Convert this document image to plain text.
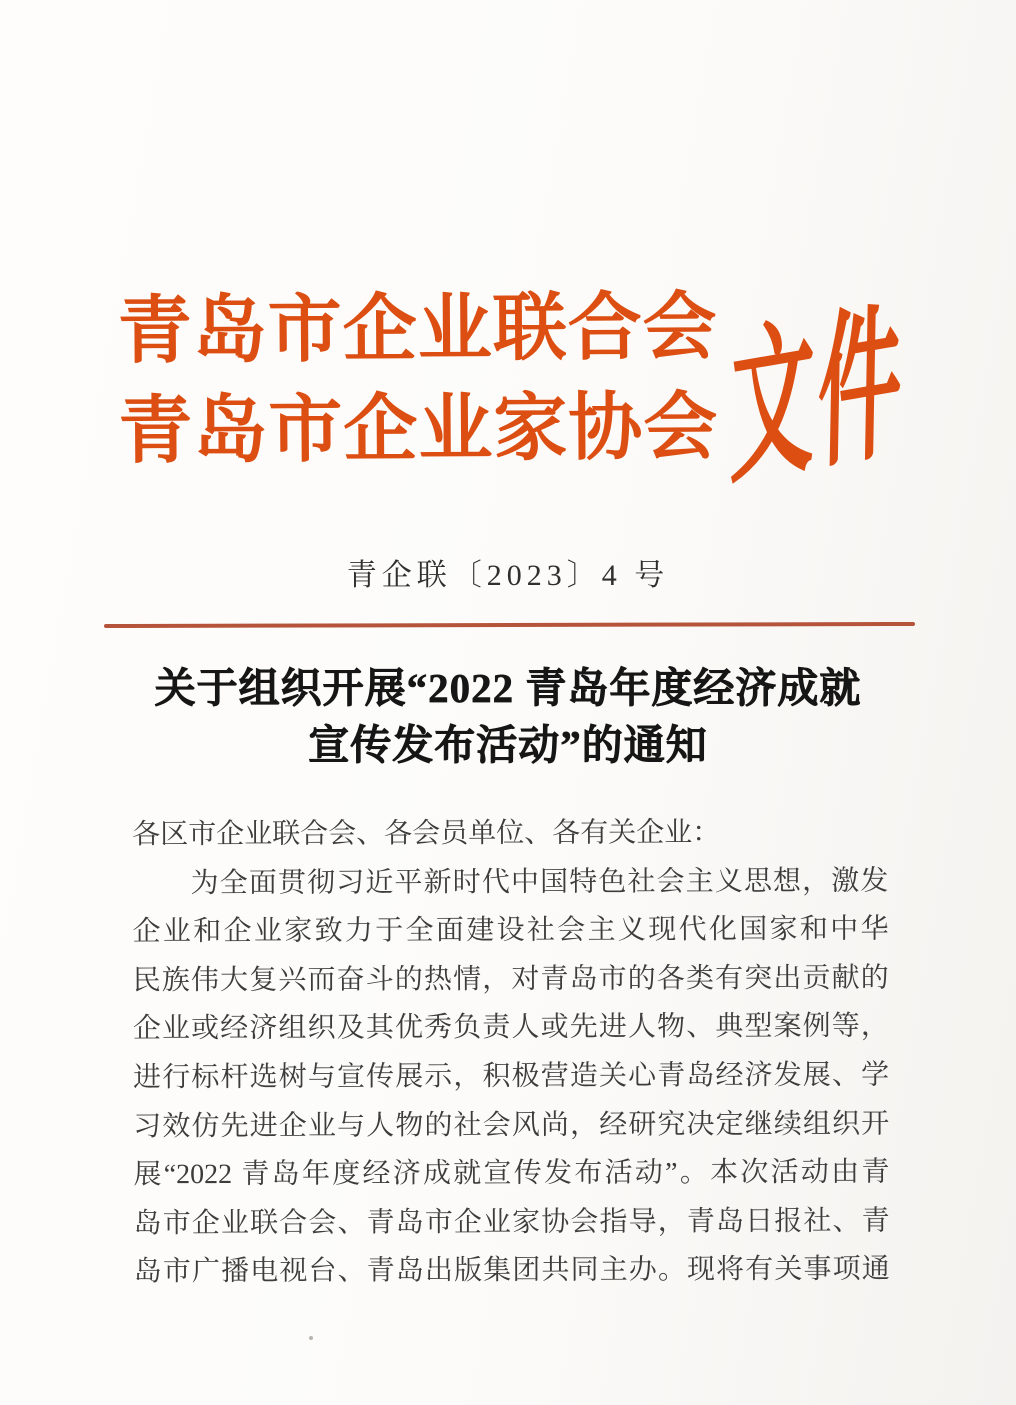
青岛市企业联合会
青岛市企业家协会 文件
青企联〔2023〕4 号
关于组织开展“2022 青岛年度经济成就
宣传发布活动”的通知
各区市企业联合会、各会员单位、各有关企业：
　　为全面贯彻习近平新时代中国特色社会主义思想，激发
企业和企业家致力于全面建设社会主义现代化国家和中华
民族伟大复兴而奋斗的热情，对青岛市的各类有突出贡献的
企业或经济组织及其优秀负责人或先进人物、典型案例等，
进行标杆选树与宣传展示，积极营造关心青岛经济发展、学
习效仿先进企业与人物的社会风尚，经研究决定继续组织开
展“2022 青岛年度经济成就宣传发布活动”。本次活动由青
岛市企业联合会、青岛市企业家协会指导，青岛日报社、青
岛市广播电视台、青岛出版集团共同主办。现将有关事项通
